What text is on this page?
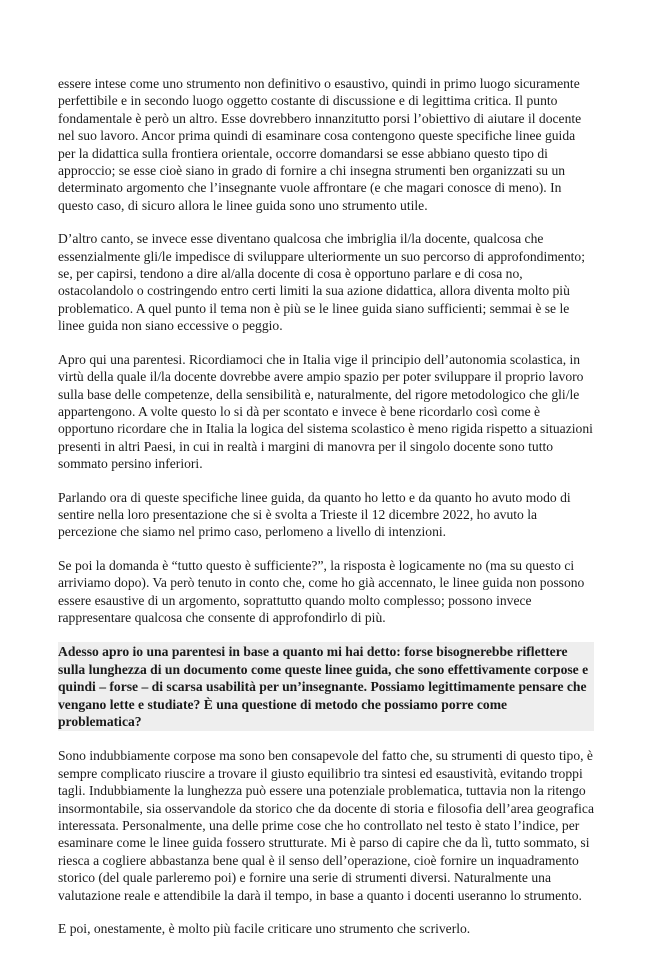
essere intese come uno strumento non definitivo o esaustivo, quindi in primo luogo sicuramente perfettibile e in secondo luogo oggetto costante di discussione e di legittima critica. Il punto fondamentale è però un altro. Esse dovrebbero innanzitutto porsi l’obiettivo di aiutare il docente nel suo lavoro. Ancor prima quindi di esaminare cosa contengono queste specifiche linee guida per la didattica sulla frontiera orientale, occorre domandarsi se esse abbiano questo tipo di approccio; se esse cioè siano in grado di fornire a chi insegna strumenti ben organizzati su un determinato argomento che l’insegnante vuole affrontare (e che magari conosce di meno). In questo caso, di sicuro allora le linee guida sono uno strumento utile.

D’altro canto, se invece esse diventano qualcosa che imbriglia il/la docente, qualcosa che essenzialmente gli/le impedisce di sviluppare ulteriormente un suo percorso di approfondimento; se, per capirsi, tendono a dire al/alla docente di cosa è opportuno parlare e di cosa no, ostacolandolo o costringendo entro certi limiti la sua azione didattica, allora diventa molto più problematico. A quel punto il tema non è più se le linee guida siano sufficienti; semmai è se le linee guida non siano eccessive o peggio.

Apro qui una parentesi. Ricordiamoci che in Italia vige il principio dell’autonomia scolastica, in virtù della quale il/la docente dovrebbe avere ampio spazio per poter sviluppare il proprio lavoro sulla base delle competenze, della sensibilità e, naturalmente, del rigore metodologico che gli/le appartengono. A volte questo lo si dà per scontato e invece è bene ricordarlo così come è opportuno ricordare che in Italia la logica del sistema scolastico è meno rigida rispetto a situazioni presenti in altri Paesi, in cui in realtà i margini di manovra per il singolo docente sono tutto sommato persino inferiori.

Parlando ora di queste specifiche linee guida, da quanto ho letto e da quanto ho avuto modo di sentire nella loro presentazione che si è svolta a Trieste il 12 dicembre 2022, ho avuto la percezione che siamo nel primo caso, perlomeno a livello di intenzioni.

Se poi la domanda è “tutto questo è sufficiente?”, la risposta è logicamente no (ma su questo ci arriviamo dopo). Va però tenuto in conto che, come ho già accennato, le linee guida non possono essere esaustive di un argomento, soprattutto quando molto complesso; possono invece rappresentare qualcosa che consente di approfondirlo di più.

Adesso apro io una parentesi in base a quanto mi hai detto: forse bisognerebbe riflettere sulla lunghezza di un documento come queste linee guida, che sono effettivamente corpose e quindi – forse – di scarsa usabilità per un’insegnante. Possiamo legittimamente pensare che vengano lette e studiate? È una questione di metodo che possiamo porre come problematica?

Sono indubbiamente corpose ma sono ben consapevole del fatto che, su strumenti di questo tipo, è sempre complicato riuscire a trovare il giusto equilibrio tra sintesi ed esaustività, evitando troppi tagli. Indubbiamente la lunghezza può essere una potenziale problematica, tuttavia non la ritengo insormontabile, sia osservandole da storico che da docente di storia e filosofia dell’area geografica interessata. Personalmente, una delle prime cose che ho controllato nel testo è stato l’indice, per esaminare come le linee guida fossero strutturate. Mi è parso di capire che da lì, tutto sommato, si riesca a cogliere abbastanza bene qual è il senso dell’operazione, cioè fornire un inquadramento storico (del quale parleremo poi) e fornire una serie di strumenti diversi. Naturalmente una valutazione reale e attendibile la darà il tempo, in base a quanto i docenti useranno lo strumento.

E poi, onestamente, è molto più facile criticare uno strumento che scriverlo.
